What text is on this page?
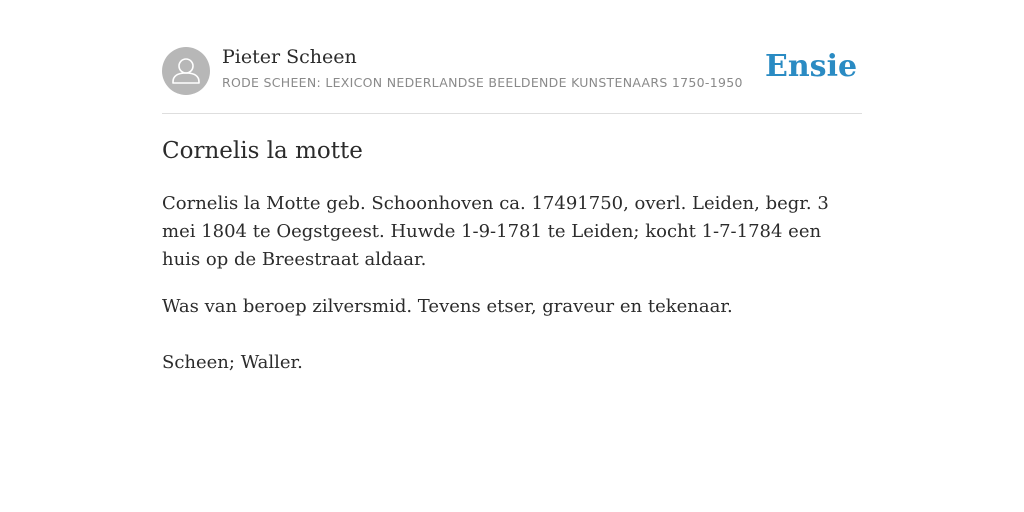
Pieter Scheen
RODE SCHEEN: LEXICON NEDERLANDSE BEELDENDE KUNSTENAARS 1750-1950 Ensie
Cornelis la motte

Cornelis la Motte geb. Schoonhoven ca. 17491750, overl. Leiden, begr. 3 mei 1804 te Oegstgeest. Huwde 1-9-1781 te Leiden; kocht 1-7-1784 een huis op de Breestraat aldaar.

Was van beroep zilversmid. Tevens etser, graveur en tekenaar.

Scheen; Waller.
